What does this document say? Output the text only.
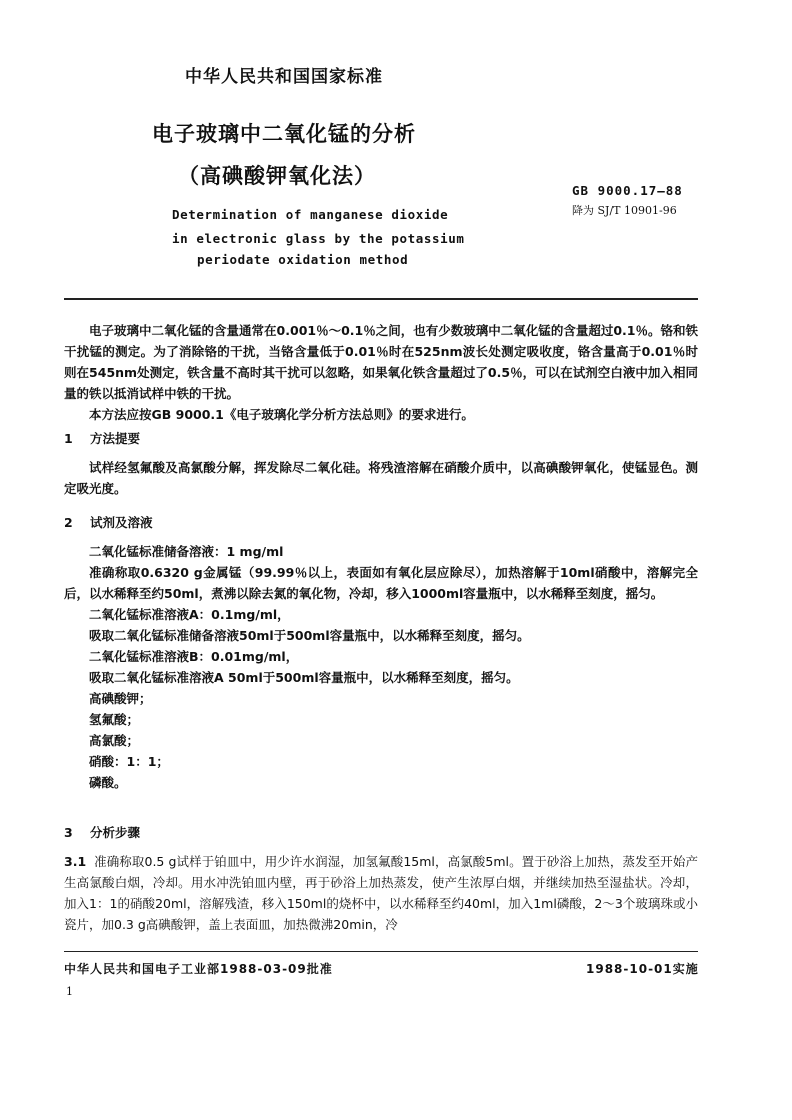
中华人民共和国国家标准
电子玻璃中二氧化锰的分析
（高碘酸钾氧化法）
Determination of manganese dioxide
in electronic glass by the potassium
periodate oxidation method
GB 9000.17—88
降为 SJ/T 10901-96

电子玻璃中二氧化锰的含量通常在0.001％～0.1％之间，也有少数玻璃中二氧化锰的含量超过0.1％。铬和铁干扰锰的测定。为了消除铬的干扰，当铬含量低于0.01％时在525nm波长处测定吸收度，铬含量高于0.01％时则在545nm处测定，铁含量不高时其干扰可以忽略，如果氧化铁含量超过了0.5％，可以在试剂空白液中加入相同量的铁以抵消试样中铁的干扰。

本方法应按GB 9000.1《电子玻璃化学分析方法总则》的要求进行。

1 方法提要

试样经氢氟酸及高氯酸分解，挥发除尽二氧化硅。将残渣溶解在硝酸介质中，以高碘酸钾氧化，使锰显色。测定吸光度。

2 试剂及溶液

二氧化锰标准储备溶液：1 mg/ml

准确称取0.6320 g金属锰（99.99％以上，表面如有氧化层应除尽），加热溶解于10ml硝酸中，溶解完全后，以水稀释至约50ml，煮沸以除去氮的氧化物，冷却，移入1000ml容量瓶中，以水稀释至刻度，摇匀。

二氧化锰标准溶液A：0.1mg/ml，

吸取二氧化锰标准储备溶液50ml于500ml容量瓶中，以水稀释至刻度，摇匀。

二氧化锰标准溶液B：0.01mg/ml，

吸取二氧化锰标准溶液A 50ml于500ml容量瓶中，以水稀释至刻度，摇匀。

高碘酸钾；

氢氟酸；

高氯酸；

硝酸：1：1；

磷酸。

3 分析步骤

3.1 准确称取0.5 g试样于铂皿中，用少许水润湿，加氢氟酸15ml，高氯酸5ml。置于砂浴上加热，蒸发至开始产生高氯酸白烟，冷却。用水冲洗铂皿内壁，再于砂浴上加热蒸发，使产生浓厚白烟，并继续加热至湿盐状。冷却，加入1：1的硝酸20ml，溶解残渣，移入150ml的烧杯中，以水稀释至约40ml，加入1ml磷酸，2～3个玻璃珠或小瓷片，加0.3 g高碘酸钾，盖上表面皿，加热微沸20min，冷

中华人民共和国电子工业部1988-03-09批准	1988-10-01实施
1
